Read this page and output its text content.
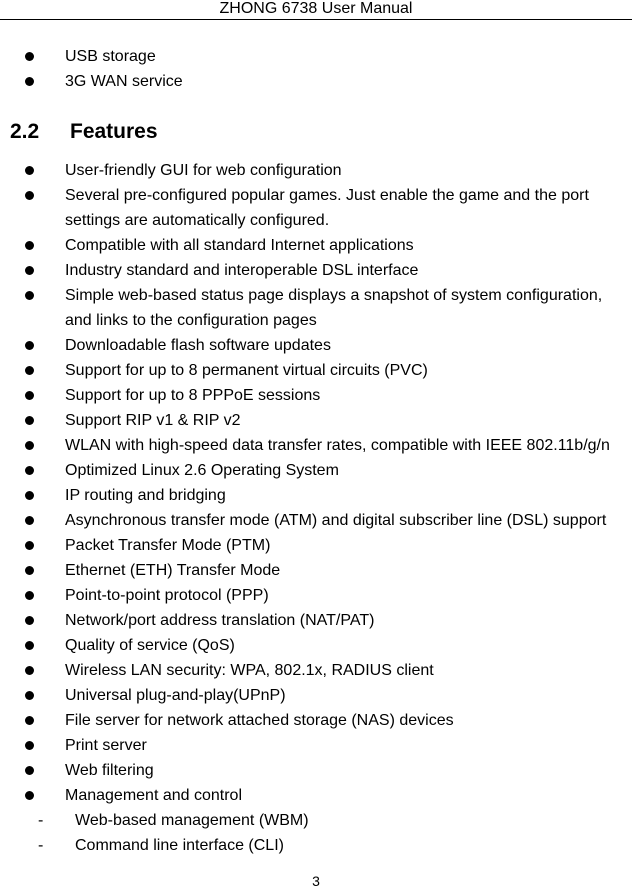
ZHONG 6738 User Manual
USB storage
3G WAN service
2.2 Features
User-friendly GUI for web configuration
Several pre-configured popular games. Just enable the game and the port
settings are automatically configured.
Compatible with all standard Internet applications
Industry standard and interoperable DSL interface
Simple web-based status page displays a snapshot of system configuration,
and links to the configuration pages
Downloadable flash software updates
Support for up to 8 permanent virtual circuits (PVC)
Support for up to 8 PPPoE sessions
Support RIP v1 & RIP v2
WLAN with high-speed data transfer rates, compatible with IEEE 802.11b/g/n
Optimized Linux 2.6 Operating System
IP routing and bridging
Asynchronous transfer mode (ATM) and digital subscriber line (DSL) support
Packet Transfer Mode (PTM)
Ethernet (ETH) Transfer Mode
Point-to-point protocol (PPP)
Network/port address translation (NAT/PAT)
Quality of service (QoS)
Wireless LAN security: WPA, 802.1x, RADIUS client
Universal plug-and-play(UPnP)
File server for network attached storage (NAS) devices
Print server
Web filtering
Management and control
- Web-based management (WBM)
- Command line interface (CLI)
3
